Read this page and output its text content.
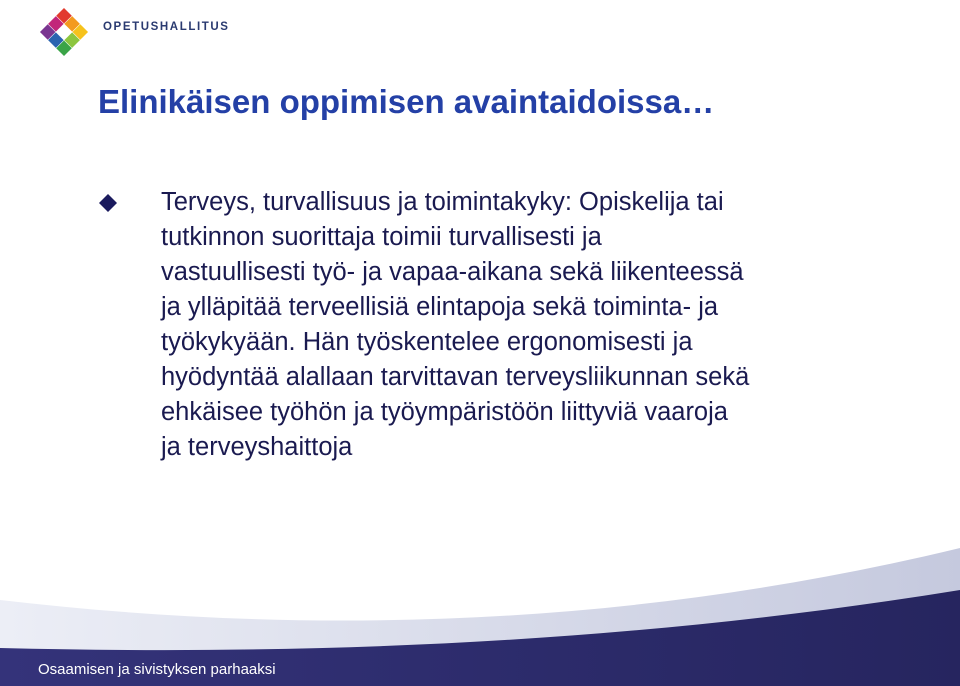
OPETUSHALLITUS
Elinikäisen oppimisen avaintaidoissa…
Terveys, turvallisuus ja toimintakyky: Opiskelija tai
tutkinnon suorittaja toimii turvallisesti ja
vastuullisesti työ- ja vapaa-aikana sekä liikenteessä
ja ylläpitää terveellisiä elintapoja sekä toiminta- ja
työkykyään. Hän työskentelee ergonomisesti ja
hyödyntää alallaan tarvittavan terveysliikunnan sekä
ehkäisee työhön ja työympäristöön liittyviä vaaroja
ja terveyshaittoja
Osaamisen ja sivistyksen parhaaksi
